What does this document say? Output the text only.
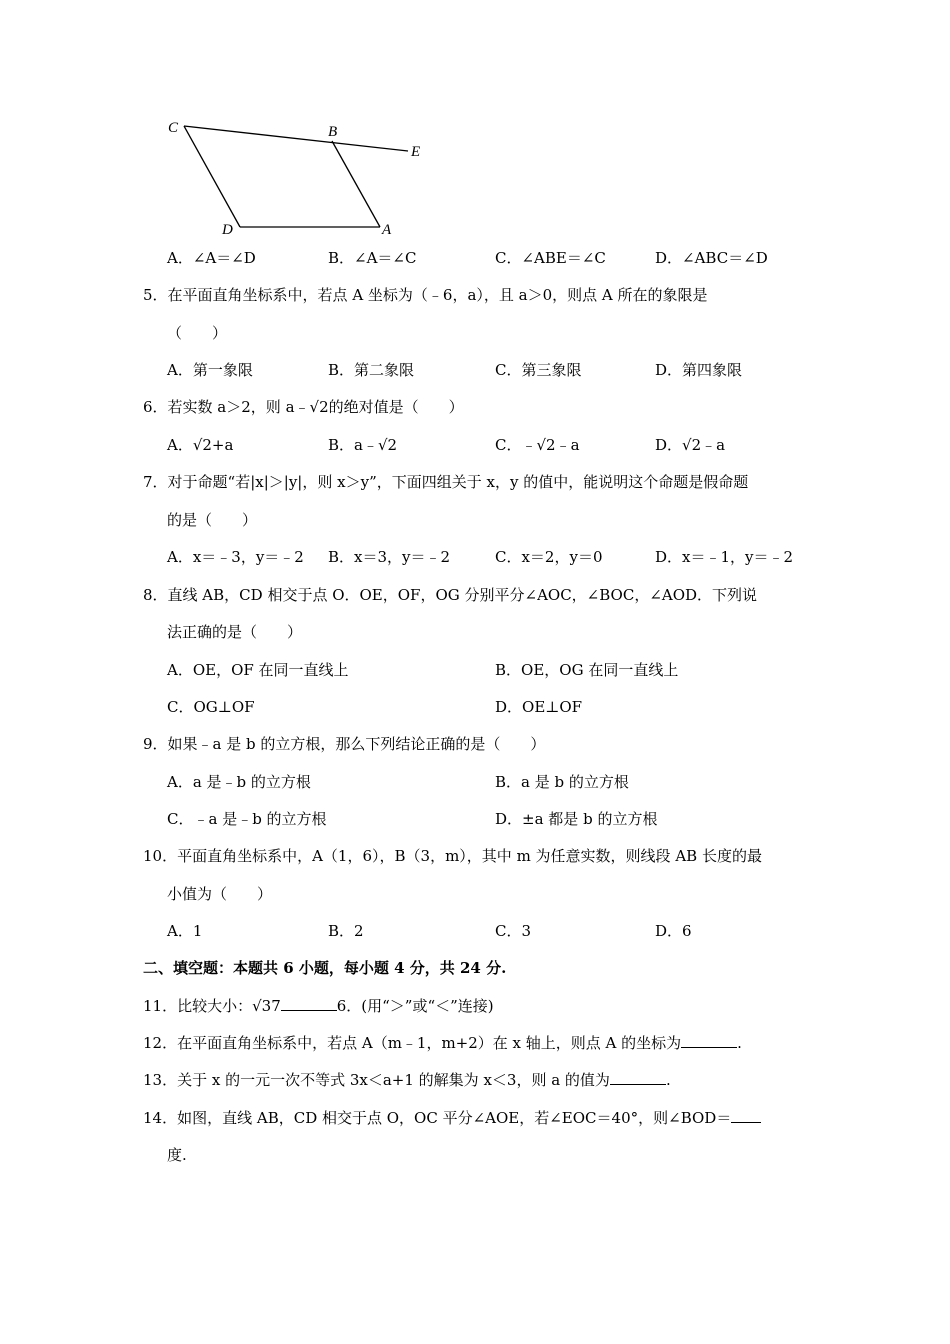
C	B
E
D	A
A．∠A＝∠D	B．∠A＝∠C	C．∠ABE＝∠C	D．∠ABC＝∠D
5．在平面直角坐标系中，若点 A 坐标为（﹣6，a），且 a＞0，则点 A 所在的象限是
（　　）
A．第一象限	B．第二象限	C．第三象限	D．第四象限
6．若实数 a＞2，则 a﹣√2的绝对值是（　　）
A．√2+a	B．a﹣√2	C．﹣√2﹣a	D．√2﹣a
7．对于命题“若|x|＞|y|，则 x＞y”，下面四组关于 x，y 的值中，能说明这个命题是假命题
的是（　　）
A．x＝﹣3，y＝﹣2 B．x＝3，y＝﹣2	C．x＝2，y＝0	D．x＝﹣1，y＝﹣2
8．直线 AB，CD 相交于点 O．OE，OF，OG 分别平分∠AOC，∠BOC，∠AOD．下列说
法正确的是（　　）
A．OE，OF 在同一直线上	B．OE，OG 在同一直线上
C．OG⊥OF	D．OE⊥OF
9．如果﹣a 是 b 的立方根，那么下列结论正确的是（　　）
A．a 是﹣b 的立方根	B．a 是 b 的立方根
C．﹣a 是﹣b 的立方根	D．±a 都是 b 的立方根
10．平面直角坐标系中，A（1，6），B（3，m），其中 m 为任意实数，则线段 AB 长度的最
小值为（　　）
A．1	B．2	C．3	D．6
二、填空题：本题共 6 小题，每小题 4 分，共 24 分.
11．比较大小：√37	6．(用“＞”或“＜”连接)
12．在平面直角坐标系中，若点 A（m﹣1，m+2）在 x 轴上，则点 A 的坐标为	.
13．关于 x 的一元一次不等式 3x＜a+1 的解集为 x＜3，则 a 的值为	.
14．如图，直线 AB，CD 相交于点 O，OC 平分∠AOE，若∠EOC＝40°，则∠BOD＝
度.
